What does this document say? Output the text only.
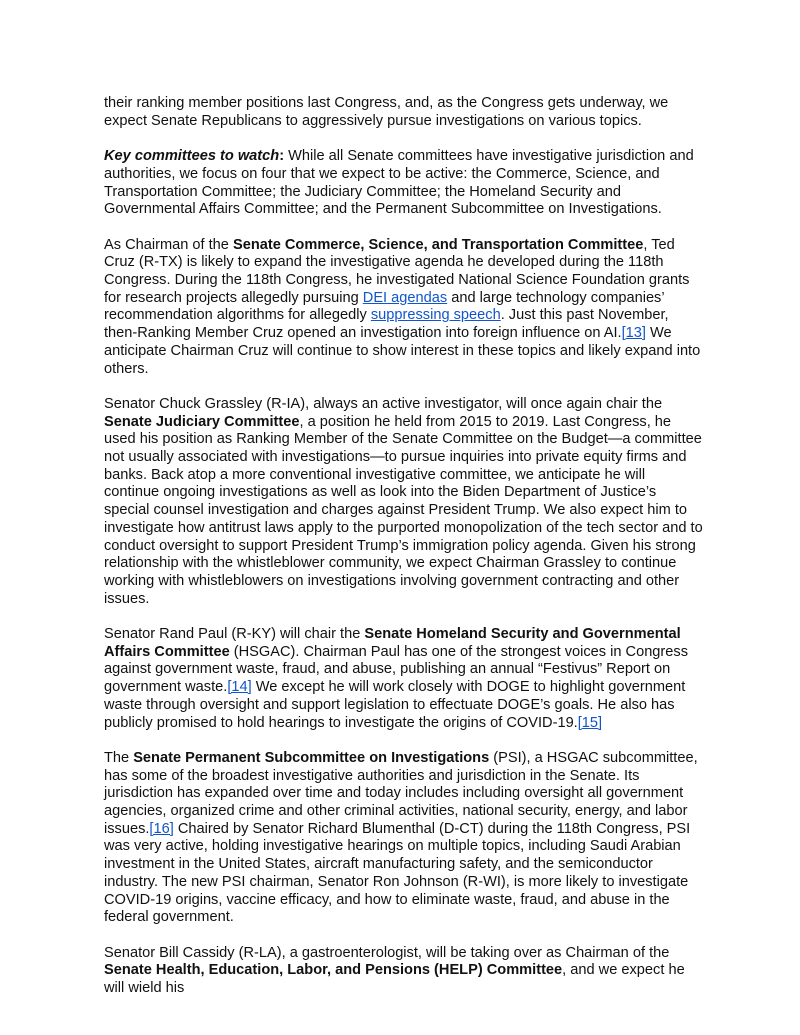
their ranking member positions last Congress, and, as the Congress gets underway, we expect Senate Republicans to aggressively pursue investigations on various topics.

Key committees to watch: While all Senate committees have investigative jurisdiction and authorities, we focus on four that we expect to be active: the Commerce, Science, and Transportation Committee; the Judiciary Committee; the Homeland Security and Governmental Affairs Committee; and the Permanent Subcommittee on Investigations.

As Chairman of the Senate Commerce, Science, and Transportation Committee, Ted Cruz (R-TX) is likely to expand the investigative agenda he developed during the 118th Congress. During the 118th Congress, he investigated National Science Foundation grants for research projects allegedly pursuing DEI agendas and large technology companies’ recommendation algorithms for allegedly suppressing speech. Just this past November, then-Ranking Member Cruz opened an investigation into foreign influence on AI.[13] We anticipate Chairman Cruz will continue to show interest in these topics and likely expand into others.

Senator Chuck Grassley (R-IA), always an active investigator, will once again chair the Senate Judiciary Committee, a position he held from 2015 to 2019. Last Congress, he used his position as Ranking Member of the Senate Committee on the Budget—a committee not usually associated with investigations—to pursue inquiries into private equity firms and banks. Back atop a more conventional investigative committee, we anticipate he will continue ongoing investigations as well as look into the Biden Department of Justice’s special counsel investigation and charges against President Trump. We also expect him to investigate how antitrust laws apply to the purported monopolization of the tech sector and to conduct oversight to support President Trump’s immigration policy agenda. Given his strong relationship with the whistleblower community, we expect Chairman Grassley to continue working with whistleblowers on investigations involving government contracting and other issues.

Senator Rand Paul (R-KY) will chair the Senate Homeland Security and Governmental Affairs Committee (HSGAC). Chairman Paul has one of the strongest voices in Congress against government waste, fraud, and abuse, publishing an annual “Festivus” Report on government waste.[14] We except he will work closely with DOGE to highlight government waste through oversight and support legislation to effectuate DOGE’s goals. He also has publicly promised to hold hearings to investigate the origins of COVID-19.[15]

The Senate Permanent Subcommittee on Investigations (PSI), a HSGAC subcommittee, has some of the broadest investigative authorities and jurisdiction in the Senate. Its jurisdiction has expanded over time and today includes including oversight all government agencies, organized crime and other criminal activities, national security, energy, and labor issues.[16] Chaired by Senator Richard Blumenthal (D-CT) during the 118th Congress, PSI was very active, holding investigative hearings on multiple topics, including Saudi Arabian investment in the United States, aircraft manufacturing safety, and the semiconductor industry. The new PSI chairman, Senator Ron Johnson (R-WI), is more likely to investigate COVID-19 origins, vaccine efficacy, and how to eliminate waste, fraud, and abuse in the federal government.

Senator Bill Cassidy (R-LA), a gastroenterologist, will be taking over as Chairman of the Senate Health, Education, Labor, and Pensions (HELP) Committee, and we expect he will wield his
